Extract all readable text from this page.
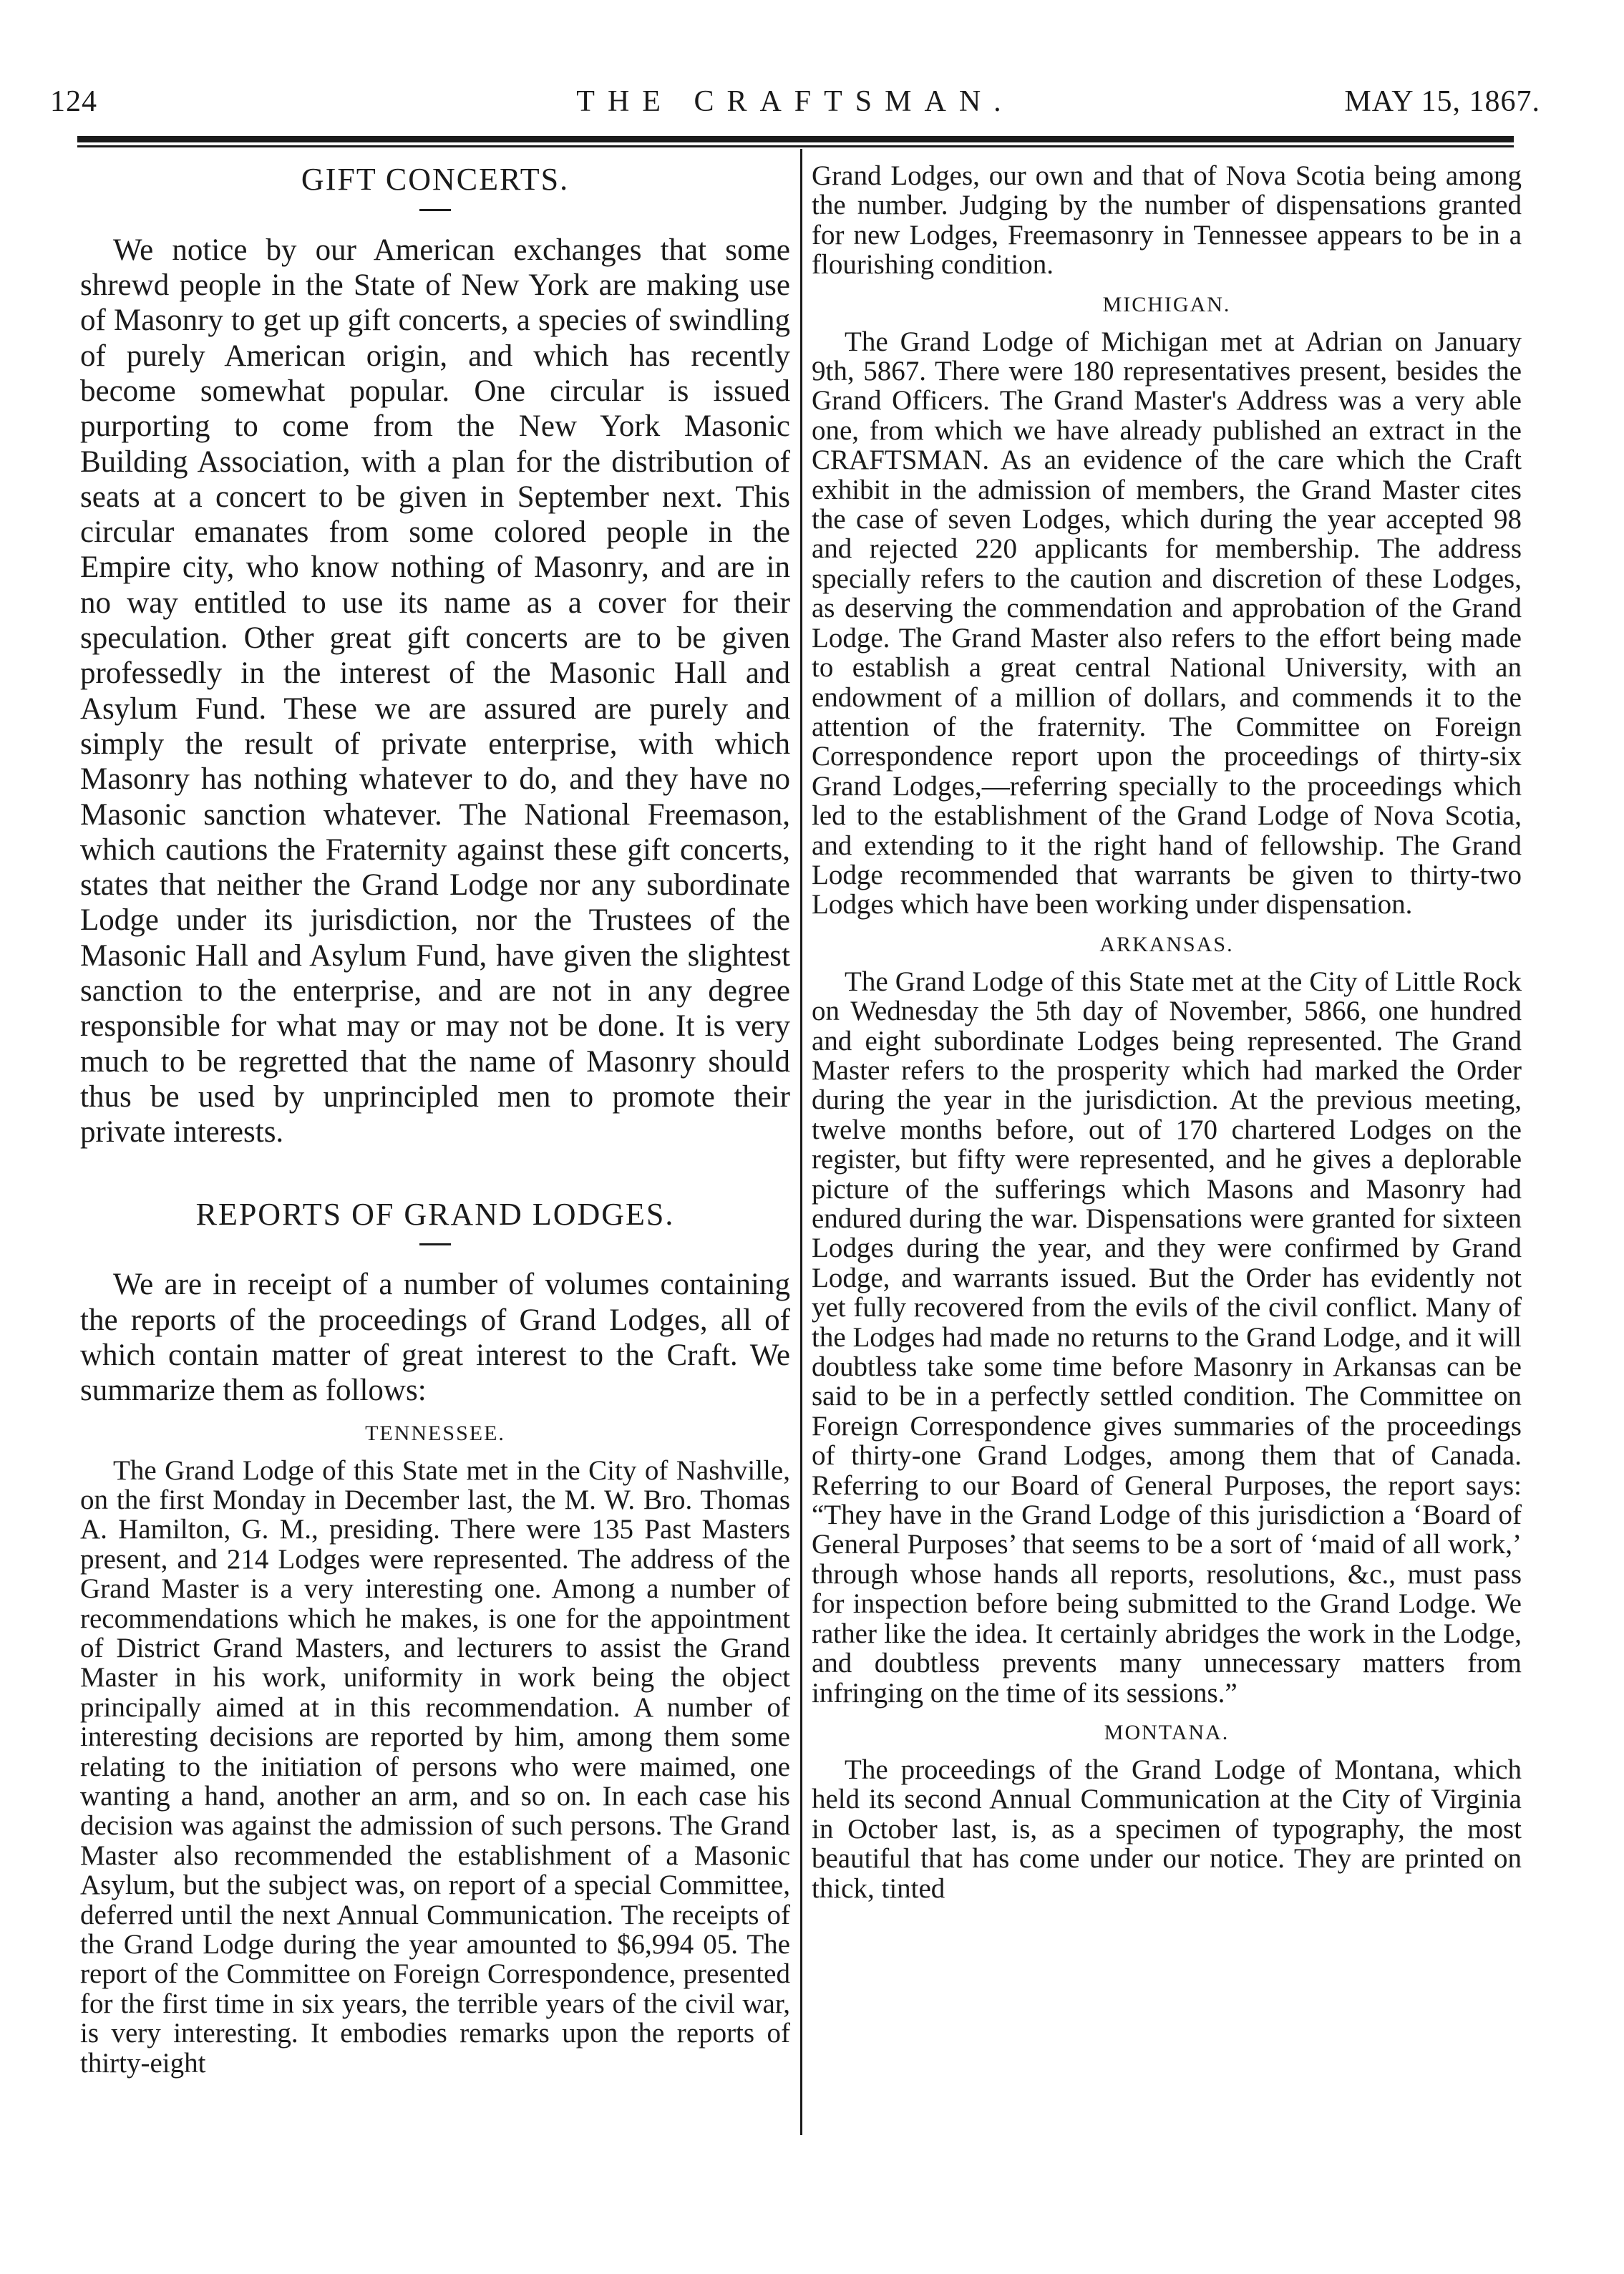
124	THE CRAFTSMAN.	MAY 15, 1867.
GIFT CONCERTS.

We notice by our American exchanges that some shrewd people in the State of New York are making use of Masonry to get up gift concerts, a species of swindling of purely American origin, and which has recently become somewhat popular. One circular is issued purporting to come from the New York Masonic Building Association, with a plan for the distribution of seats at a concert to be given in September next. This circular emanates from some colored people in the Empire city, who know nothing of Masonry, and are in no way entitled to use its name as a cover for their speculation. Other great gift concerts are to be given professedly in the interest of the Masonic Hall and Asylum Fund. These we are assured are purely and simply the result of private enterprise, with which Masonry has nothing whatever to do, and they have no Masonic sanction whatever. The National Freemason, which cautions the Fraternity against these gift concerts, states that neither the Grand Lodge nor any subordinate Lodge under its jurisdiction, nor the Trustees of the Masonic Hall and Asylum Fund, have given the slightest sanction to the enterprise, and are not in any degree responsible for what may or may not be done. It is very much to be regretted that the name of Masonry should thus be used by unprincipled men to promote their private interests.

REPORTS OF GRAND LODGES.

We are in receipt of a number of volumes containing the reports of the proceedings of Grand Lodges, all of which contain matter of great interest to the Craft. We summarize them as follows:

TENNESSEE.

The Grand Lodge of this State met in the City of Nashville, on the first Monday in December last, the M. W. Bro. Thomas A. Hamilton, G. M., presiding. There were 135 Past Masters present, and 214 Lodges were represented. The address of the Grand Master is a very interesting one. Among a number of recommendations which he makes, is one for the appointment of District Grand Masters, and lecturers to assist the Grand Master in his work, uniformity in work being the object principally aimed at in this recommendation. A number of interesting decisions are reported by him, among them some relating to the initiation of persons who were maimed, one wanting a hand, another an arm, and so on. In each case his decision was against the admission of such persons. The Grand Master also recommended the establishment of a Masonic Asylum, but the subject was, on report of a special Committee, deferred until the next Annual Communication. The receipts of the Grand Lodge during the year amounted to $6,994 05. The report of the Committee on Foreign Correspondence, presented for the first time in six years, the terrible years of the civil war, is very interesting. It embodies remarks upon the reports of thirty-eight

Grand Lodges, our own and that of Nova Scotia being among the number. Judging by the number of dispensations granted for new Lodges, Freemasonry in Tennessee appears to be in a flourishing condition.

MICHIGAN.

The Grand Lodge of Michigan met at Adrian on January 9th, 5867. There were 180 representatives present, besides the Grand Officers. The Grand Master's Address was a very able one, from which we have already published an extract in the CRAFTSMAN. As an evidence of the care which the Craft exhibit in the admission of members, the Grand Master cites the case of seven Lodges, which during the year accepted 98 and rejected 220 applicants for membership. The address specially refers to the caution and discretion of these Lodges, as deserving the commendation and approbation of the Grand Lodge. The Grand Master also refers to the effort being made to establish a great central National University, with an endowment of a million of dollars, and commends it to the attention of the fraternity. The Committee on Foreign Correspondence report upon the proceedings of thirty-six Grand Lodges,—referring specially to the proceedings which led to the establishment of the Grand Lodge of Nova Scotia, and extending to it the right hand of fellowship. The Grand Lodge recommended that warrants be given to thirty-two Lodges which have been working under dispensation.

ARKANSAS.

The Grand Lodge of this State met at the City of Little Rock on Wednesday the 5th day of November, 5866, one hundred and eight subordinate Lodges being represented. The Grand Master refers to the prosperity which had marked the Order during the year in the jurisdiction. At the previous meeting, twelve months before, out of 170 chartered Lodges on the register, but fifty were represented, and he gives a deplorable picture of the sufferings which Masons and Masonry had endured during the war. Dispensations were granted for sixteen Lodges during the year, and they were confirmed by Grand Lodge, and warrants issued. But the Order has evidently not yet fully recovered from the evils of the civil conflict. Many of the Lodges had made no returns to the Grand Lodge, and it will doubtless take some time before Masonry in Arkansas can be said to be in a perfectly settled condition. The Committee on Foreign Correspondence gives summaries of the proceedings of thirty-one Grand Lodges, among them that of Canada. Referring to our Board of General Purposes, the report says: “They have in the Grand Lodge of this jurisdiction a ‘Board of General Purposes’ that seems to be a sort of ‘maid of all work,’ through whose hands all reports, resolutions, &c., must pass for inspection before being submitted to the Grand Lodge. We rather like the idea. It certainly abridges the work in the Lodge, and doubtless prevents many unnecessary matters from infringing on the time of its sessions.”

MONTANA.

The proceedings of the Grand Lodge of Montana, which held its second Annual Communication at the City of Virginia in October last, is, as a specimen of typography, the most beautiful that has come under our notice. They are printed on thick, tinted
